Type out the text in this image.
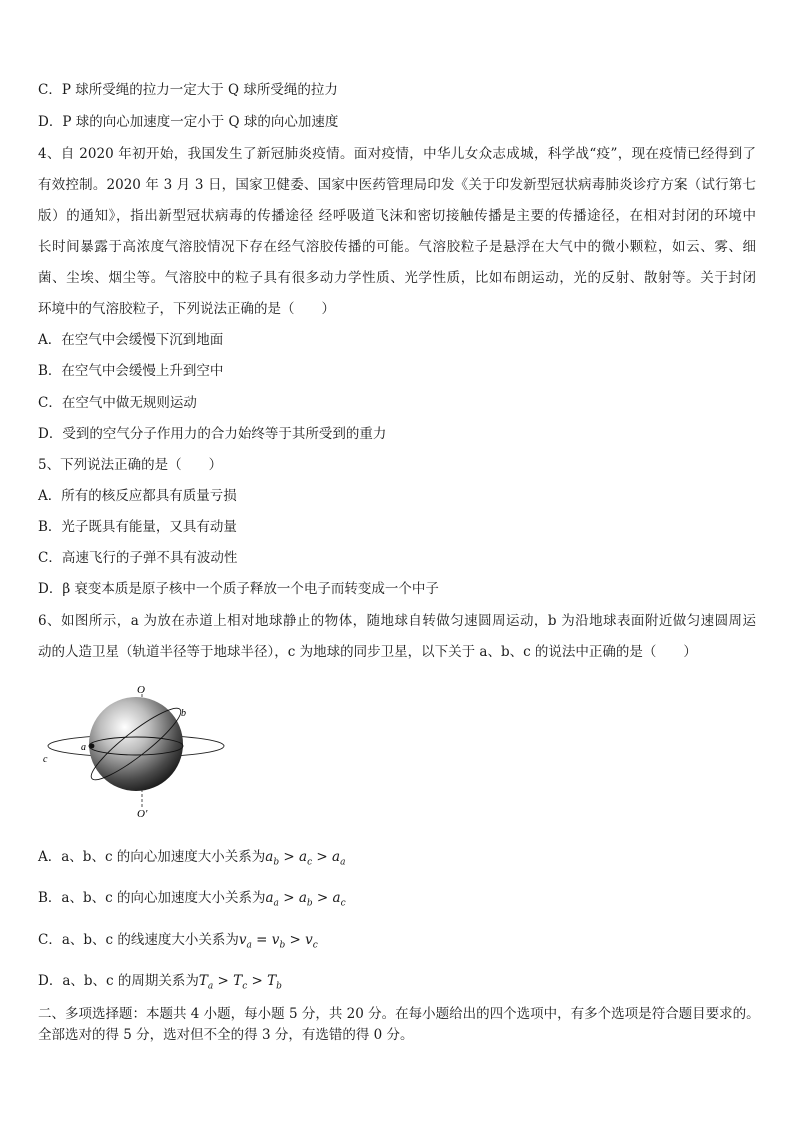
C．P 球所受绳的拉力一定大于 Q 球所受绳的拉力
D．P 球的向心加速度一定小于 Q 球的向心加速度
4、自 2020 年初开始，我国发生了新冠肺炎疫情。面对疫情，中华儿女众志成城，科学战“疫”，现在疫情已经得到了
有效控制。2020 年 3 月 3 日，国家卫健委、国家中医药管理局印发《关于印发新型冠状病毒肺炎诊疗方案（试行第七
版）的通知》，指出新型冠状病毒的传播途径 经呼吸道飞沫和密切接触传播是主要的传播途径，在相对封闭的环境中
长时间暴露于高浓度气溶胶情况下存在经气溶胶传播的可能。气溶胶粒子是悬浮在大气中的微小颗粒，如云、雾、细
菌、尘埃、烟尘等。气溶胶中的粒子具有很多动力学性质、光学性质，比如布朗运动，光的反射、散射等。关于封闭
环境中的气溶胶粒子，下列说法正确的是（　　）
A．在空气中会缓慢下沉到地面
B．在空气中会缓慢上升到空中
C．在空气中做无规则运动
D．受到的空气分子作用力的合力始终等于其所受到的重力
5、下列说法正确的是（　　）
A．所有的核反应都具有质量亏损
B．光子既具有能量，又具有动量
C．高速飞行的子弹不具有波动性
D．β 衰变本质是原子核中一个质子释放一个电子而转变成一个中子
6、如图所示，a 为放在赤道上相对地球静止的物体，随地球自转做匀速圆周运动，b 为沿地球表面附近做匀速圆周运
动的人造卫星（轨道半径等于地球半径），c 为地球的同步卫星，以下关于 a、b、c 的说法中正确的是（　　）
O
O′
a
b
c
A．a、b、c 的向心加速度大小关系为$a_b > a_c > a_a$
B．a、b、c 的向心加速度大小关系为$a_a > a_b > a_c$
C．a、b、c 的线速度大小关系为$v_a = v_b > v_c$
D．a、b、c 的周期关系为$T_a > T_c > T_b$
二、多项选择题：本题共 4 小题，每小题 5 分，共 20 分。在每小题给出的四个选项中，有多个选项是符合题目要求的。
全部选对的得 5 分，选对但不全的得 3 分，有选错的得 0 分。
